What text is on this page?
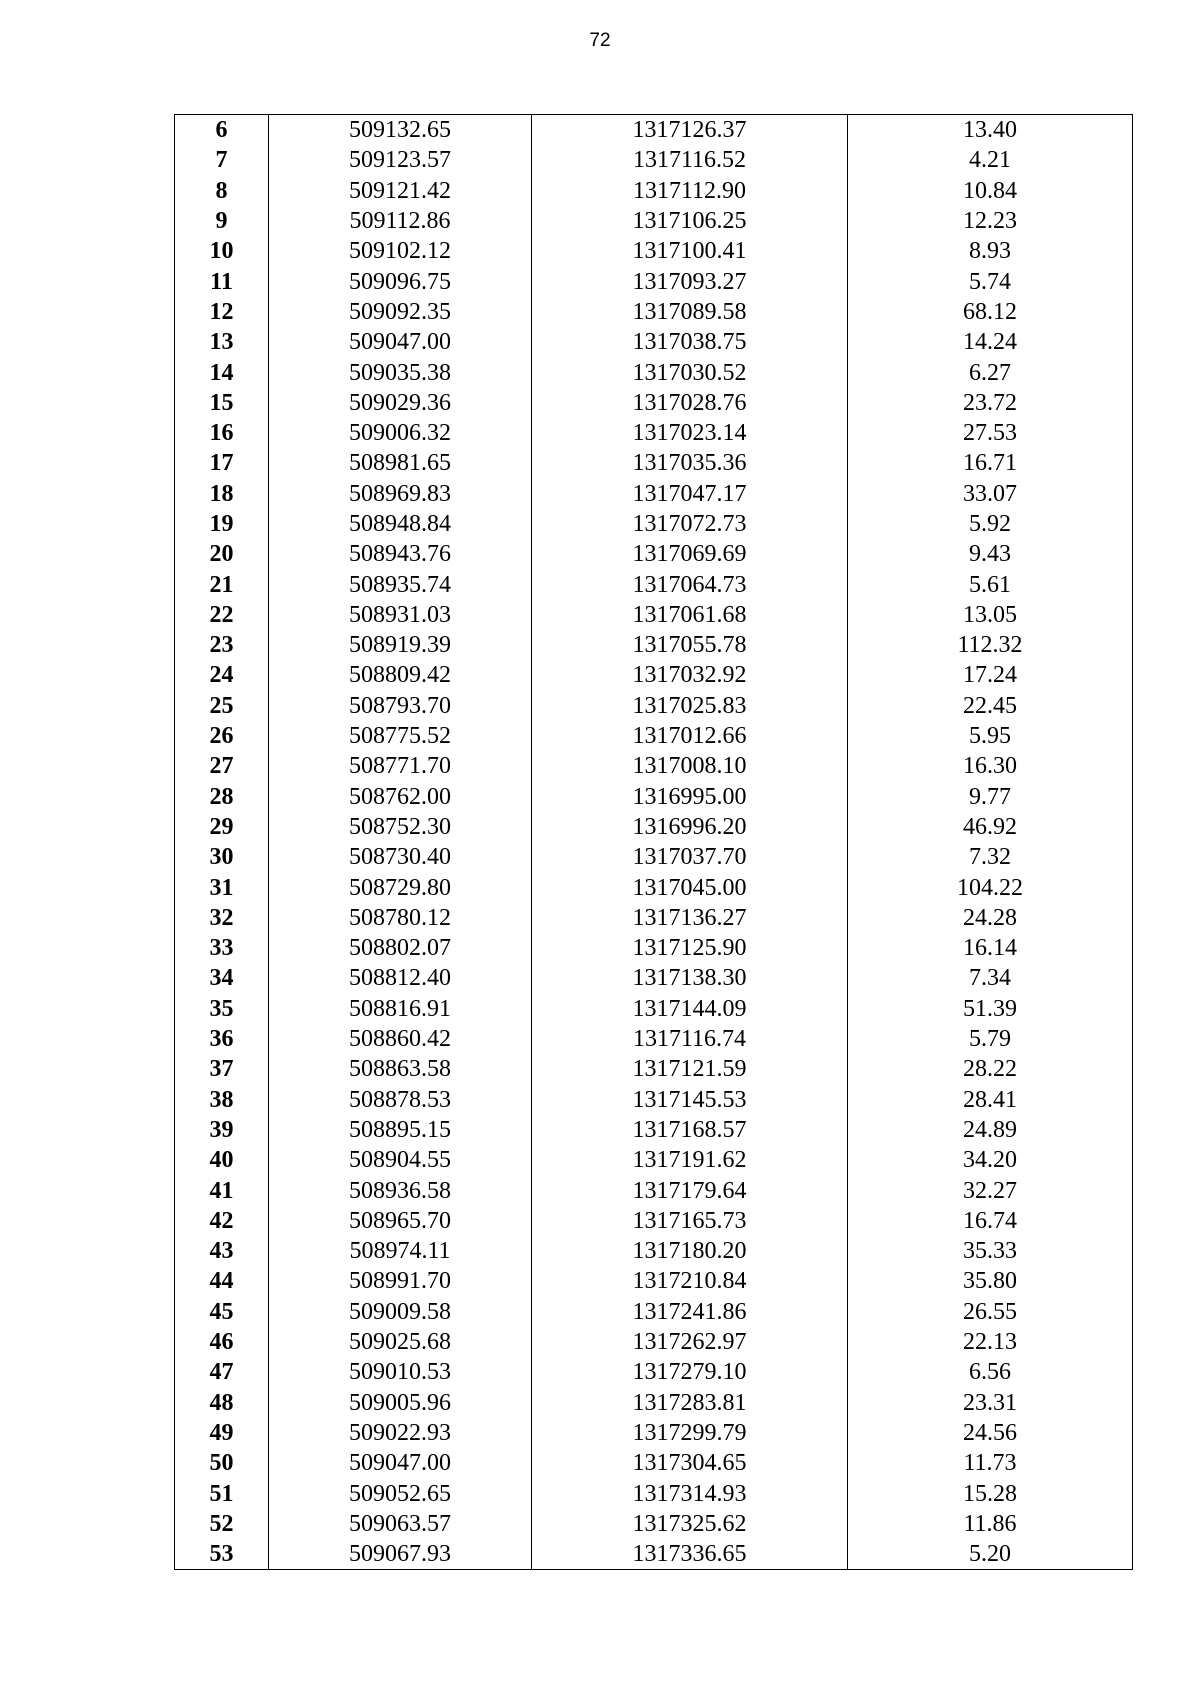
72
6	509132.65	1317126.37	13.40
7	509123.57	1317116.52	4.21
8	509121.42	1317112.90	10.84
9	509112.86	1317106.25	12.23
10	509102.12	1317100.41	8.93
11	509096.75	1317093.27	5.74
12	509092.35	1317089.58	68.12
13	509047.00	1317038.75	14.24
14	509035.38	1317030.52	6.27
15	509029.36	1317028.76	23.72
16	509006.32	1317023.14	27.53
17	508981.65	1317035.36	16.71
18	508969.83	1317047.17	33.07
19	508948.84	1317072.73	5.92
20	508943.76	1317069.69	9.43
21	508935.74	1317064.73	5.61
22	508931.03	1317061.68	13.05
23	508919.39	1317055.78	112.32
24	508809.42	1317032.92	17.24
25	508793.70	1317025.83	22.45
26	508775.52	1317012.66	5.95
27	508771.70	1317008.10	16.30
28	508762.00	1316995.00	9.77
29	508752.30	1316996.20	46.92
30	508730.40	1317037.70	7.32
31	508729.80	1317045.00	104.22
32	508780.12	1317136.27	24.28
33	508802.07	1317125.90	16.14
34	508812.40	1317138.30	7.34
35	508816.91	1317144.09	51.39
36	508860.42	1317116.74	5.79
37	508863.58	1317121.59	28.22
38	508878.53	1317145.53	28.41
39	508895.15	1317168.57	24.89
40	508904.55	1317191.62	34.20
41	508936.58	1317179.64	32.27
42	508965.70	1317165.73	16.74
43	508974.11	1317180.20	35.33
44	508991.70	1317210.84	35.80
45	509009.58	1317241.86	26.55
46	509025.68	1317262.97	22.13
47	509010.53	1317279.10	6.56
48	509005.96	1317283.81	23.31
49	509022.93	1317299.79	24.56
50	509047.00	1317304.65	11.73
51	509052.65	1317314.93	15.28
52	509063.57	1317325.62	11.86
53	509067.93	1317336.65	5.20
